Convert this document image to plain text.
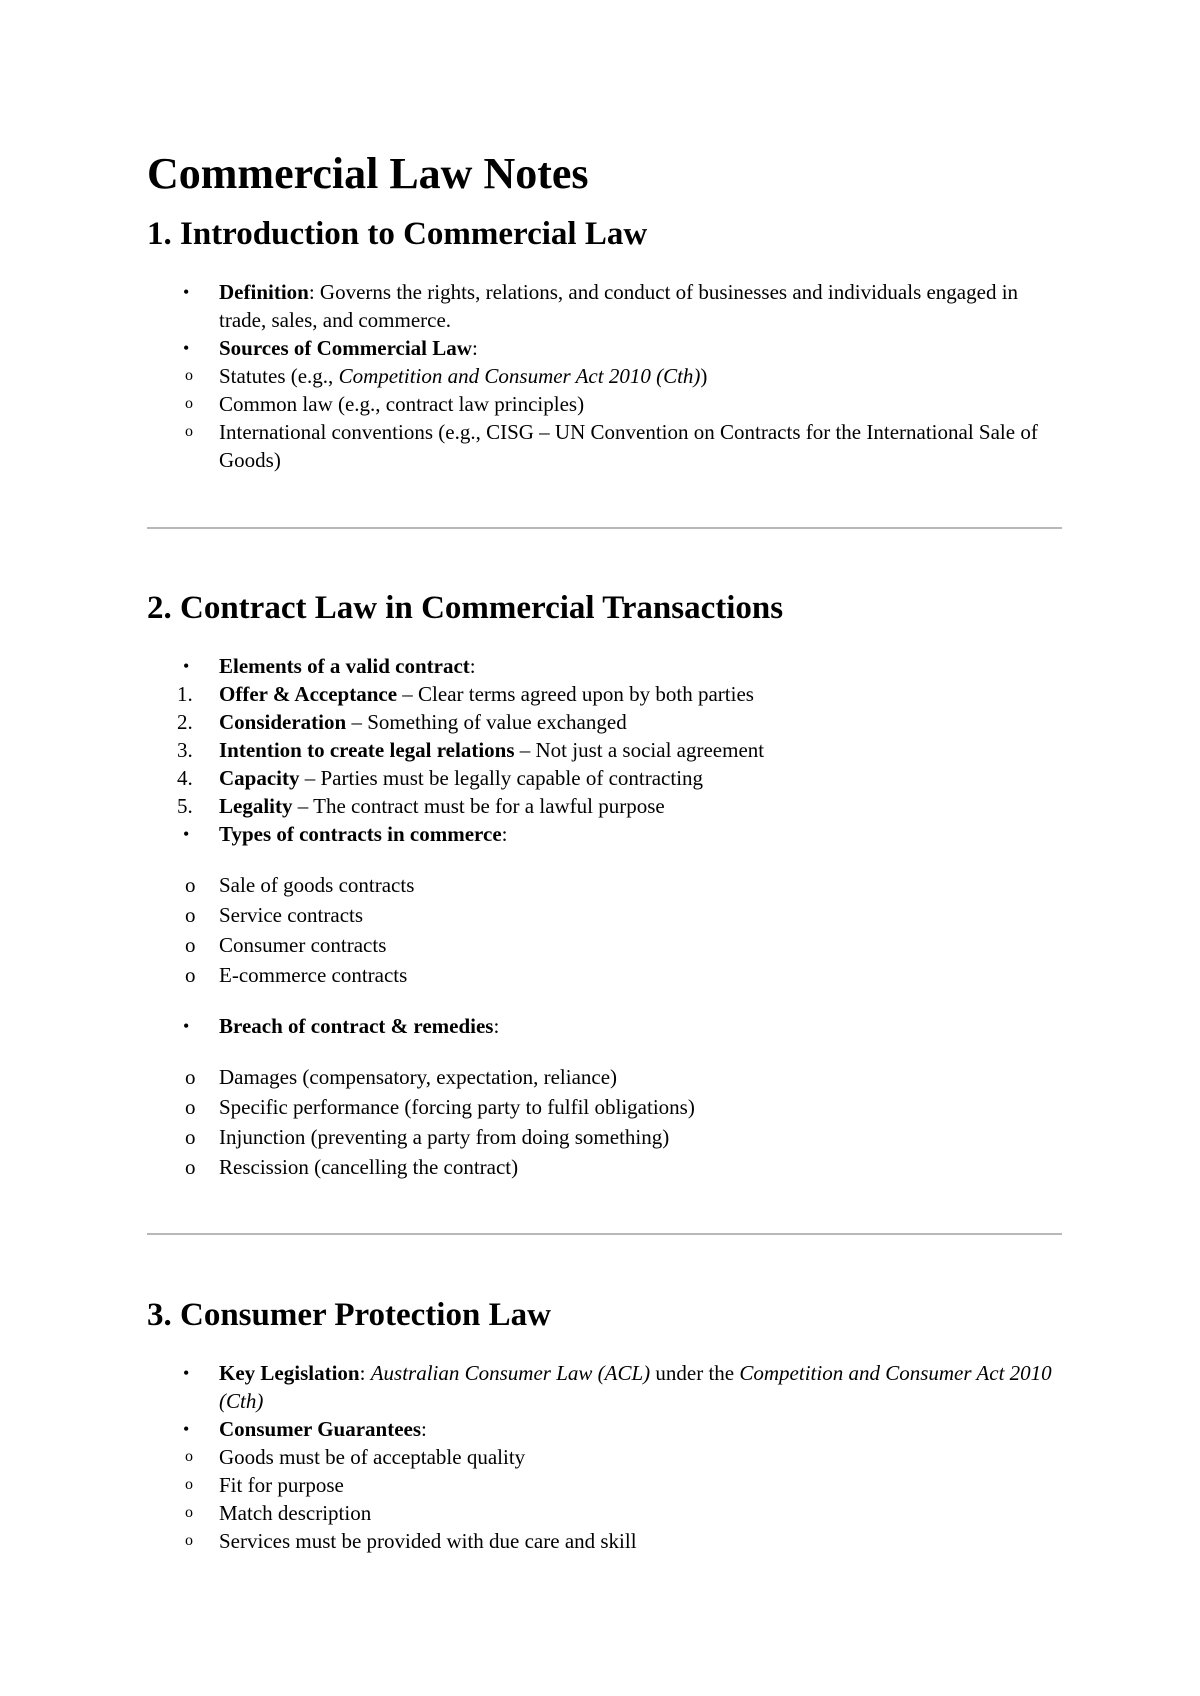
Commercial Law Notes
1. Introduction to Commercial Law
• Definition: Governs the rights, relations, and conduct of businesses and individuals engaged in trade, sales, and commerce.
• Sources of Commercial Law:
o Statutes (e.g., Competition and Consumer Act 2010 (Cth))
o Common law (e.g., contract law principles)
o International conventions (e.g., CISG – UN Convention on Contracts for the International Sale of Goods)
2. Contract Law in Commercial Transactions
• Elements of a valid contract:
1. Offer & Acceptance – Clear terms agreed upon by both parties
2. Consideration – Something of value exchanged
3. Intention to create legal relations – Not just a social agreement
4. Capacity – Parties must be legally capable of contracting
5. Legality – The contract must be for a lawful purpose
• Types of contracts in commerce:
o Sale of goods contracts
o Service contracts
o Consumer contracts
o E-commerce contracts
• Breach of contract & remedies:
o Damages (compensatory, expectation, reliance)
o Specific performance (forcing party to fulfil obligations)
o Injunction (preventing a party from doing something)
o Rescission (cancelling the contract)
3. Consumer Protection Law
• Key Legislation: Australian Consumer Law (ACL) under the Competition and Consumer Act 2010 (Cth)
• Consumer Guarantees:
o Goods must be of acceptable quality
o Fit for purpose
o Match description
o Services must be provided with due care and skill
